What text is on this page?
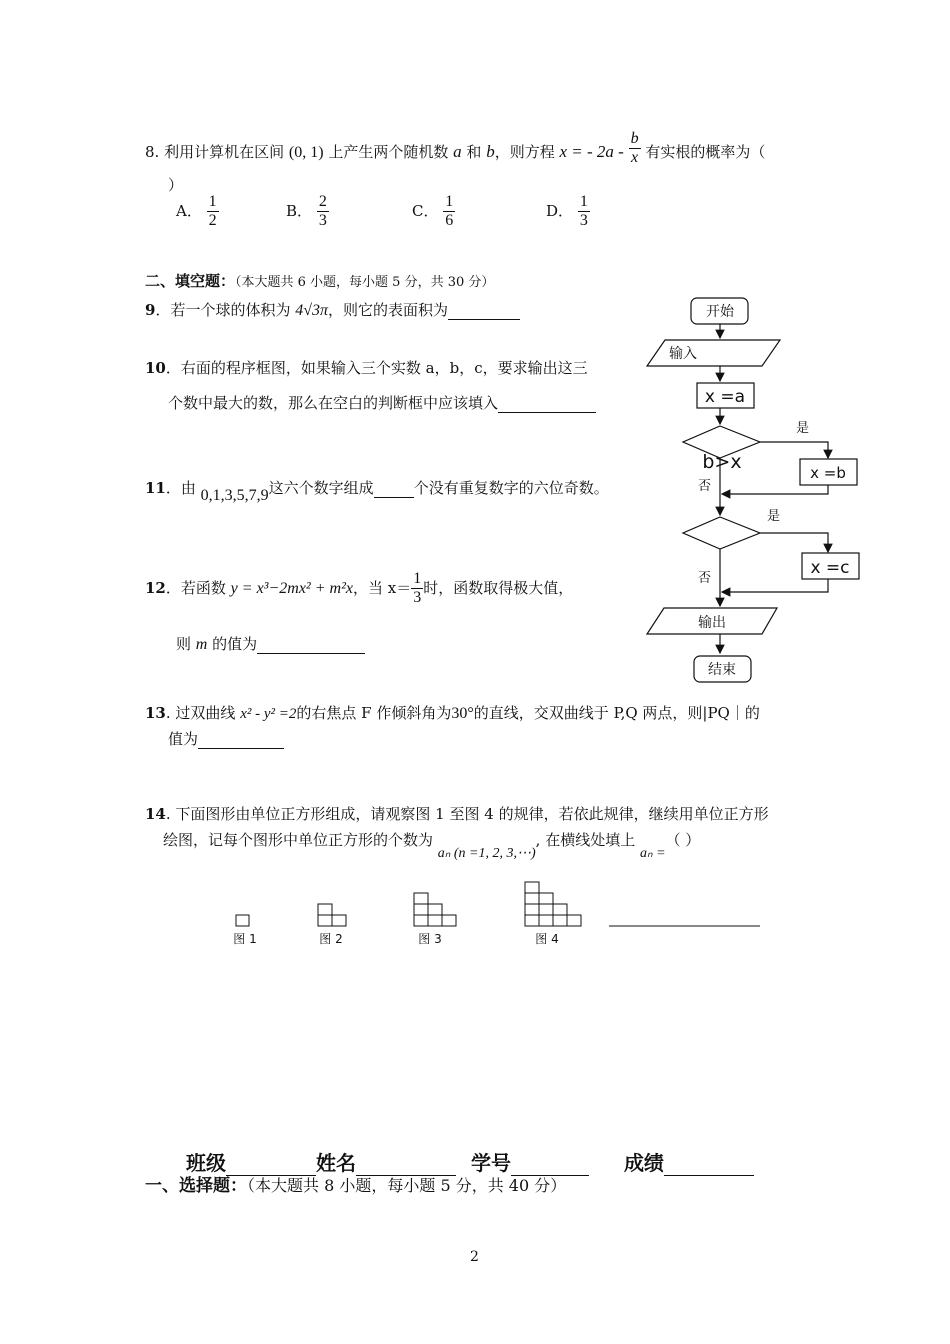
8. 利用计算机在区间 (0, 1) 上产生两个随机数 a 和 b，则方程 x = - $2a - \frac{b}{x}$ 有实根的概率为（
）
A． $\frac{1}{2}$	B． $\frac{2}{3}$	C． $\frac{1}{6}$	D． $\frac{1}{3}$
二、填空题：（本大题共 6 小题，每小题 5 分，共 30 分）
9．若一个球的体积为 4√3π，则它的表面积为
10．右面的程序框图，如果输入三个实数 a，b，c，要求输出这三
个数中最大的数，那么在空白的判断框中应该填入
11．由 0,1,3,5,7,9这六个数字组成	个没有重复数字的六位奇数。
12．若函数 y = x³−2mx² + m²x，当 $x= \frac{1}{3}$ 时，函数取得极大值，
则 m 的值为
13. 过双曲线 x² - y² =2的右焦点 F 作倾斜角为30°的直线，交双曲线于 P,Q 两点，则|PQ｜的
值为
14. 下面图形由单位正方形组成，请观察图 1 至图 4 的规律，若依此规律，继续用单位正方形
绘图，记每个图形中单位正方形的个数为 aₙ (n =1, 2, 3,⋯), 在横线处填上 aₙ =（ ）
图 1	图 2	图 3	图 4
开始
输入
x =a
b>x
是
x =b
否
是
x =c
否
输出
结束
班级	姓名	学号	成绩
一、选择题：（本大题共 8 小题，每小题 5 分，共 40 分）
2
